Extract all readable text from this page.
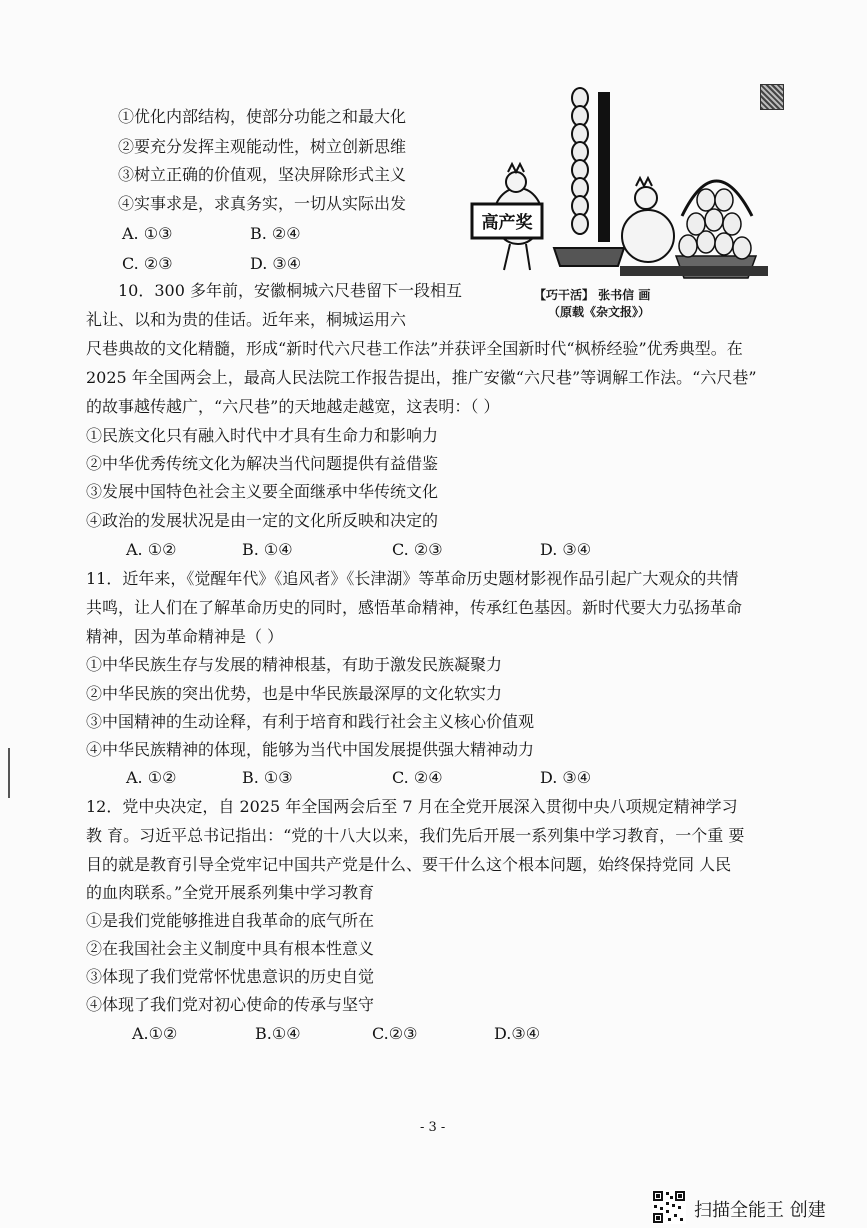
①优化内部结构，使部分功能之和最大化
②要充分发挥主观能动性，树立创新思维
③树立正确的价值观，坚决屏除形式主义
④实事求是，求真务实，一切从实际出发
A. ①③	B. ②④
C. ②③	D. ③④
高产奖
【巧干活】 张书信 画
（原载《杂文报》）
10．300 多年前，安徽桐城六尺巷留下一段相互
礼让、以和为贵的佳话。近年来，桐城运用六
尺巷典故的文化精髓，形成“新时代六尺巷工作法”并获评全国新时代“枫桥经验”优秀典型。在
2025 年全国两会上，最高人民法院工作报告提出，推广安徽“六尺巷”等调解工作法。“六尺巷”
的故事越传越广，“六尺巷”的天地越走越宽，这表明：（ ）
①民族文化只有融入时代中才具有生命力和影响力
②中华优秀传统文化为解决当代问题提供有益借鉴
③发展中国特色社会主义要全面继承中华传统文化
④政治的发展状况是由一定的文化所反映和决定的
A. ①②	B. ①④	C. ②③	D. ③④
11．近年来，《觉醒年代》《追风者》《长津湖》等革命历史题材影视作品引起广大观众的共情
共鸣，让人们在了解革命历史的同时，感悟革命精神，传承红色基因。新时代要大力弘扬革命
精神，因为革命精神是（ ）
①中华民族生存与发展的精神根基，有助于激发民族凝聚力
②中华民族的突出优势，也是中华民族最深厚的文化软实力
③中国精神的生动诠释，有利于培育和践行社会主义核心价值观
④中华民族精神的体现，能够为当代中国发展提供强大精神动力
A. ①②	B. ①③	C. ②④	D. ③④
12．党中央决定，自 2025 年全国两会后至 7 月在全党开展深入贯彻中央八项规定精神学习
教 育。习近平总书记指出：“党的十八大以来，我们先后开展一系列集中学习教育，一个重 要
目的就是教育引导全党牢记中国共产党是什么、要干什么这个根本问题，始终保持党同 人民
的血肉联系。”全党开展系列集中学习教育
①是我们党能够推进自我革命的底气所在
②在我国社会主义制度中具有根本性意义
③体现了我们党常怀忧患意识的历史自觉
④体现了我们党对初心使命的传承与坚守
A.①②	B.①④	C.②③	D.③④
- 3 -
扫描全能王 创建
